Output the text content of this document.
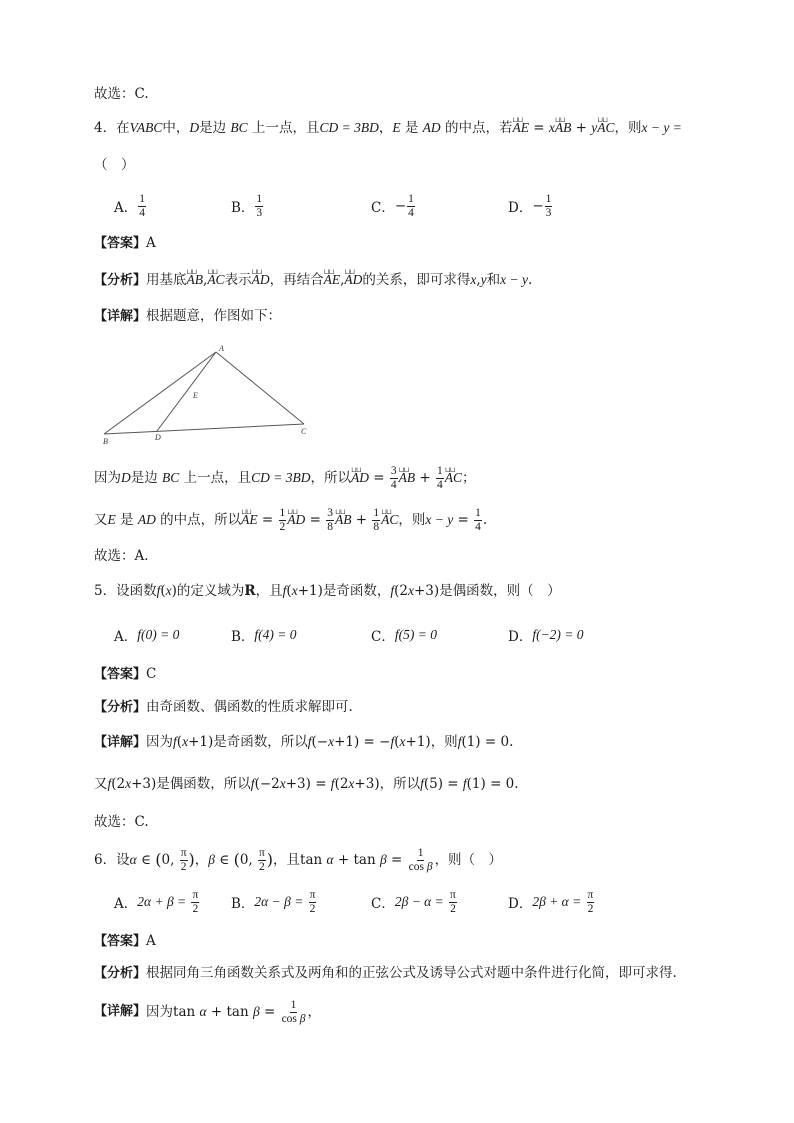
故选：C.
4．在VABC中，D是边 BC 上一点，且CD = 3BD，E 是 AD 的中点，若⊔⊔ AE = x⊔⊔ AB + y⊔⊔ AC，则x − y =
（　）
A． $\frac{1}{4}$	B． $\frac{1}{3}$	C． − $\frac{1}{4}$	D． − $\frac{1}{3}$
【答案】A
【分析】用基底⊔⊔ AB,⊔⊔ AC表示⊔⊔ AD，再结合⊔⊔ AE,⊔⊔ AD的关系，即可求得x,y和x − y.
【详解】根据题意，作图如下：
A
B
C
D
E
因为 D 是边
BC
上一点，且 CD = 3BD ，所以 ⊔⊔ AD = $\frac{3}{4}$ ⊔⊔ AB + $\frac{1}{4}$ ⊔⊔ AC ；
又 E
是
AD
的中点，所以 ⊔⊔ AE = $\frac{1}{2}$ ⊔⊔ AD = $\frac{3}{8}$ ⊔⊔ AB + $\frac{1}{8}$ ⊔⊔ AC ，则 $x - y = \frac{1}{4}$ .
故选：A.
5．设函数f(x)的定义域为R，且f(x+1)是奇函数，f(2x+3)是偶函数，则（　）
A． f(0) = 0	B． f(4) = 0	C． f(5) = 0	D． f(−2) = 0
【答案】C
【分析】由奇函数、偶函数的性质求解即可.
【详解】因为f(x+1)是奇函数，所以f(−x+1) = −f(x+1)，则f(1) = 0.
又f(2x+3)是偶函数，所以f(−2x+3) = f(2x+3)，所以f(5) = f(1) = 0.
故选：C.
6． 设 α ∈ ( 0, $\frac{\pi}{2}$ ) ， β ∈ ( 0, $\frac{\pi}{2}$ ) ，且 $\tan \alpha + \tan \beta = \frac{1}{\text{cos β}}$ ，则（　）
A． 2α + β =
$\frac{\pi}{2}$ B． 2α − β =
$\frac{\pi}{2}$	C． 2β − α =
$\frac{\pi}{2}$	D． 2β + α =
$\frac{\pi}{2}$
【答案】A
【分析】根据同角三角函数关系式及两角和的正弦公式及诱导公式对题中条件进行化简，即可求得.
【详解】 因为 $\tan \alpha + \tan \beta = \frac{1}{\text{cos β}}$ ，
